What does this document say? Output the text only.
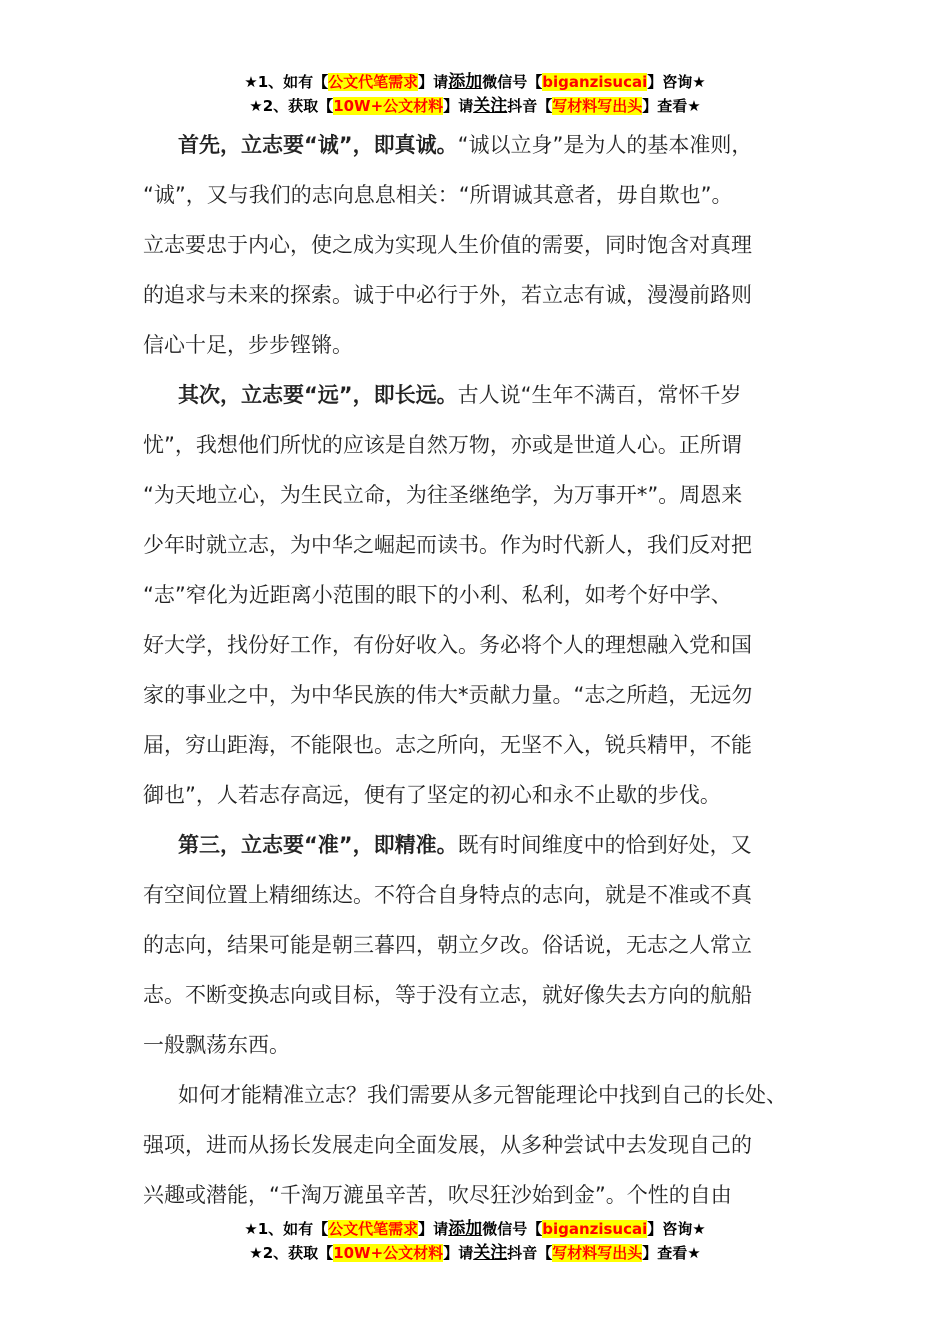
★1、如有【公文代笔需求】请添加微信号【biganzisucai】咨询★
★2、获取【10W+公文材料】请关注抖音【写材料写出头】查看★
首先，立志要“诚”，即真诚。“诚以立身”是为人的基本准则，
“诚”，又与我们的志向息息相关：“所谓诚其意者，毋自欺也”。
立志要忠于内心，使之成为实现人生价值的需要，同时饱含对真理
的追求与未来的探索。诚于中必行于外，若立志有诚，漫漫前路则
信心十足，步步铿锵。
其次，立志要“远”，即长远。古人说“生年不满百，常怀千岁
忧”，我想他们所忧的应该是自然万物，亦或是世道人心。正所谓
“为天地立心，为生民立命，为往圣继绝学，为万事开*”。周恩来
少年时就立志，为中华之崛起而读书。作为时代新人，我们反对把
“志”窄化为近距离小范围的眼下的小利、私利，如考个好中学、
好大学，找份好工作，有份好收入。务必将个人的理想融入党和国
家的事业之中，为中华民族的伟大*贡献力量。“志之所趋，无远勿
届，穷山距海，不能限也。志之所向，无坚不入，锐兵精甲，不能
御也”，人若志存高远，便有了坚定的初心和永不止歇的步伐。
第三，立志要“准”，即精准。既有时间维度中的恰到好处，又
有空间位置上精细练达。不符合自身特点的志向，就是不准或不真
的志向，结果可能是朝三暮四，朝立夕改。俗话说，无志之人常立
志。不断变换志向或目标，等于没有立志，就好像失去方向的航船
一般飘荡东西。
如何才能精准立志？我们需要从多元智能理论中找到自己的长处、
强项，进而从扬长发展走向全面发展，从多种尝试中去发现自己的
兴趣或潜能，“千淘万漉虽辛苦，吹尽狂沙始到金”。个性的自由
★1、如有【公文代笔需求】请添加微信号【biganzisucai】咨询★
★2、获取【10W+公文材料】请关注抖音【写材料写出头】查看★
